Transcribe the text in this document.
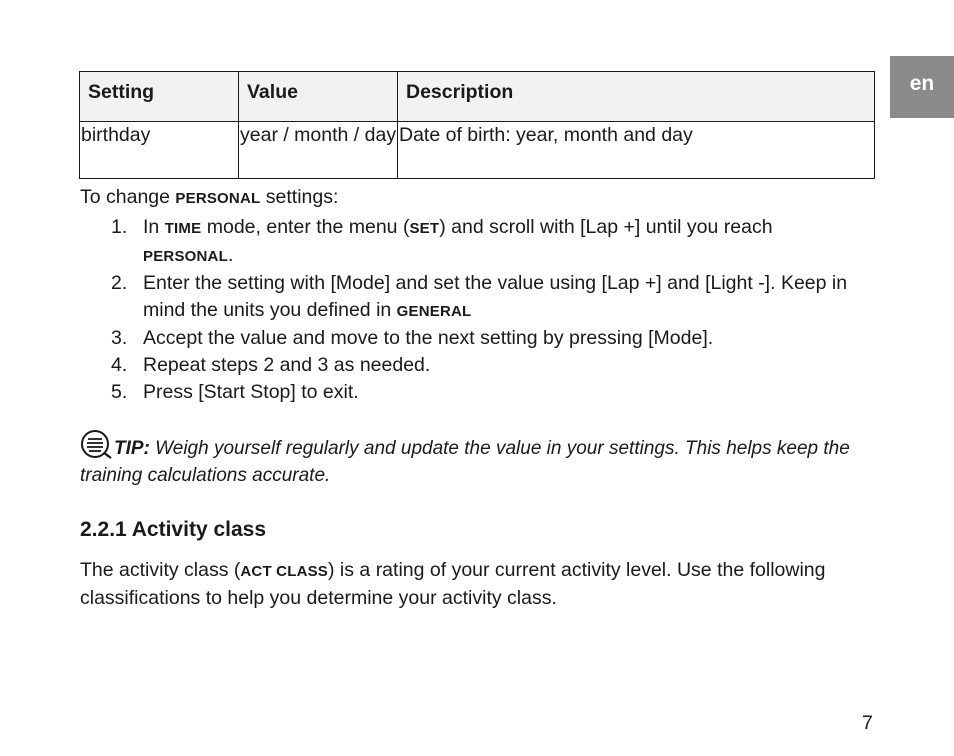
en
Setting	Value	Description
birthday	year / month / day	Date of birth: year, month and day
To change PERSONAL settings:
1. In TIME mode, enter the menu (SET) and scroll with [Lap +] until you reach
PERSONAL.
2. Enter the setting with [Mode] and set the value using [Lap +] and [Light -]. Keep in mind the units you defined in GENERAL
3. Accept the value and move to the next setting by pressing [Mode].
4. Repeat steps 2 and 3 as needed.
5. Press [Start Stop] to exit.
TIP: Weigh yourself regularly and update the value in your settings. This helps keep the training calculations accurate.
2.2.1 Activity class

The activity class (ACT CLASS) is a rating of your current activity level. Use the following classifications to help you determine your activity class.

7
